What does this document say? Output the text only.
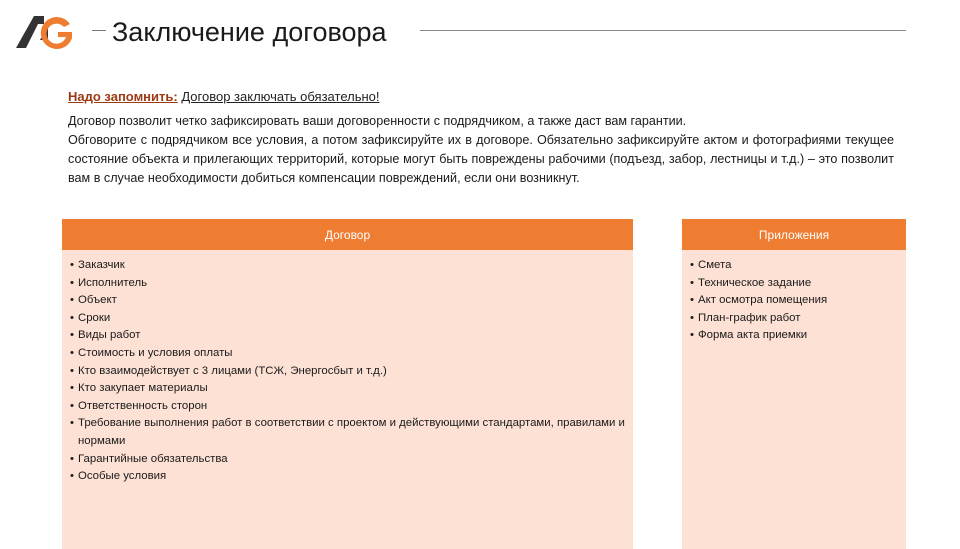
Заключение договора
Надо запомнить: Договор заключать обязательно!

Договор позволит четко зафиксировать ваши договоренности с подрядчиком, а также даст вам гарантии.

Обговорите с подрядчиком все условия, а потом зафиксируйте их в договоре. Обязательно зафиксируйте актом и фотографиями текущее состояние объекта и прилегающих территорий, которые могут быть повреждены рабочими (подъезд, забор, лестницы и т.д.) – это позволит вам в случае необходимости добиться компенсации повреждений, если они возникнут.

Договор
• Заказчик
• Исполнитель
• Объект
• Сроки
• Виды работ
• Стоимость и условия оплаты
• Кто взаимодействует с 3 лицами (ТСЖ, Энергосбыт и т.д.)
• Кто закупает материалы
• Ответственность сторон
• Требование выполнения работ в соответствии с проектом и действующими стандартами, правилами и нормами
• Гарантийные обязательства
• Особые условия
Приложения
• Смета
• Техническое задание
• Акт осмотра помещения
• План-график работ
• Форма акта приемки
